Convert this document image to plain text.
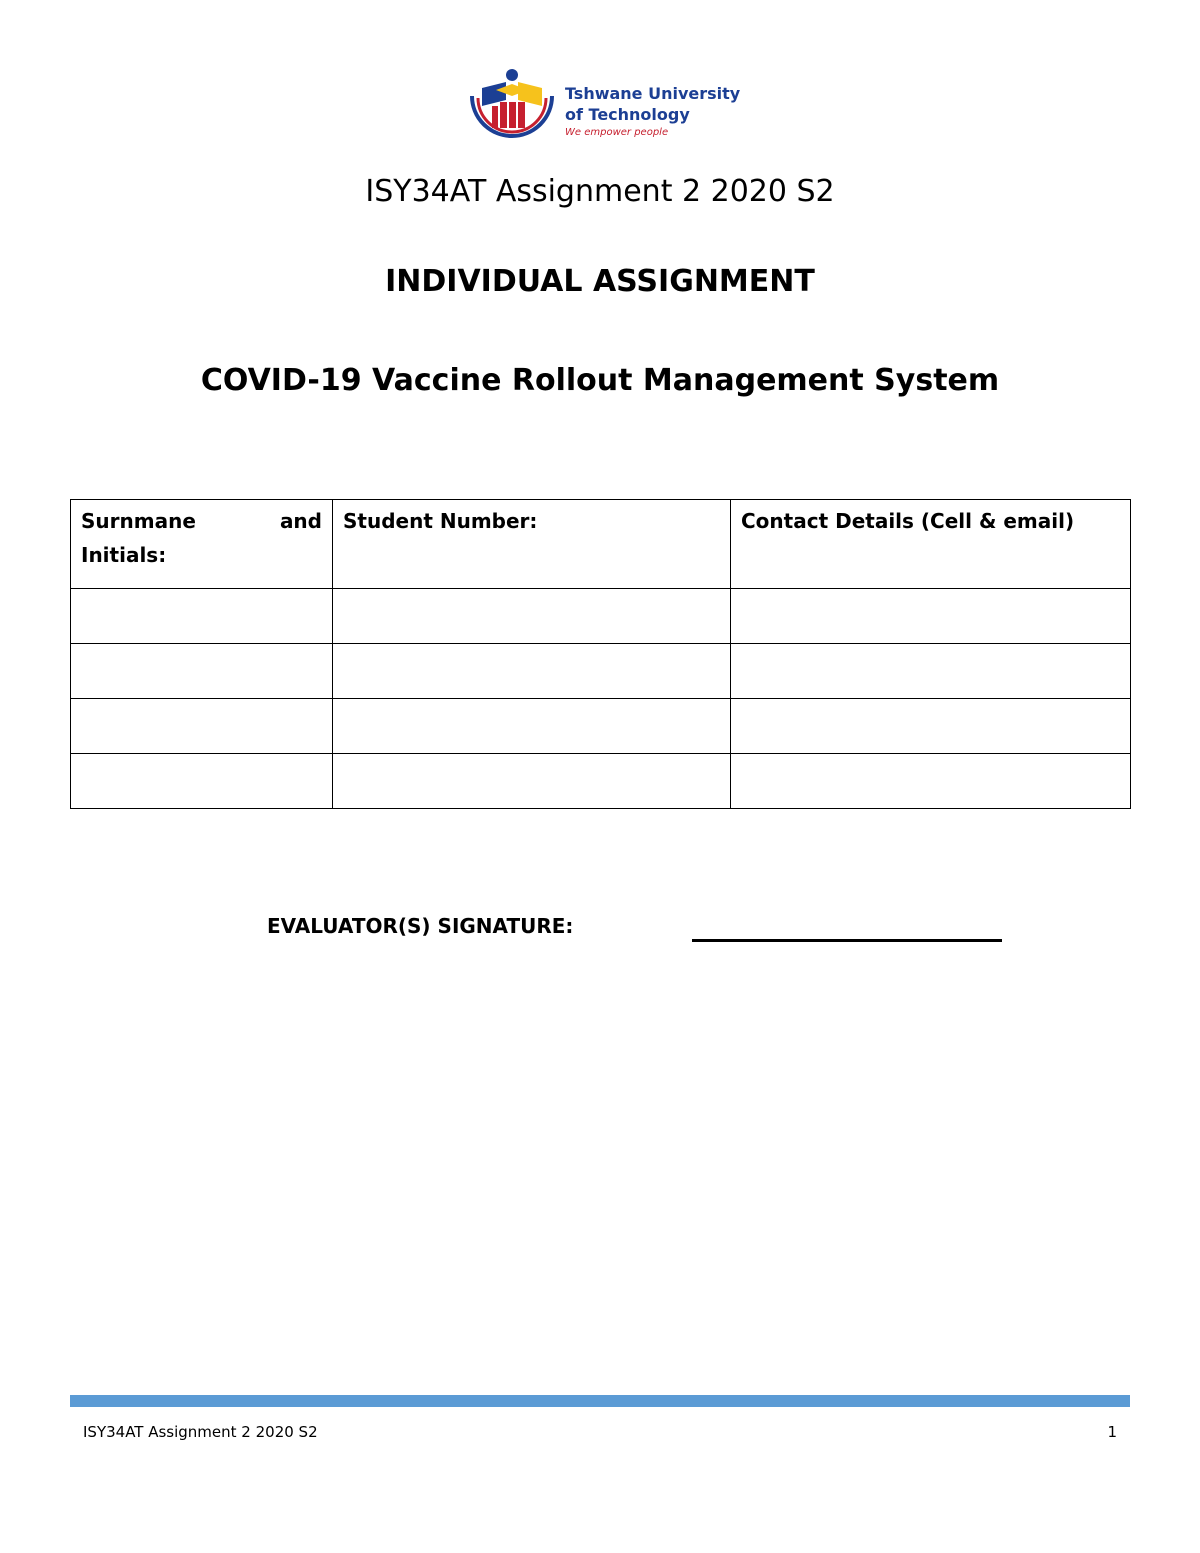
Tshwane University
of Technology
We empower people
ISY34AT Assignment 2 2020 S2
INDIVIDUAL ASSIGNMENT
COVID-19 Vaccine Rollout Management System
Surnmane and
Initials:	Student Number:	Contact Details (Cell & email)

EVALUATOR(S) SIGNATURE:
ISY34AT Assignment 2 2020 S2	1
